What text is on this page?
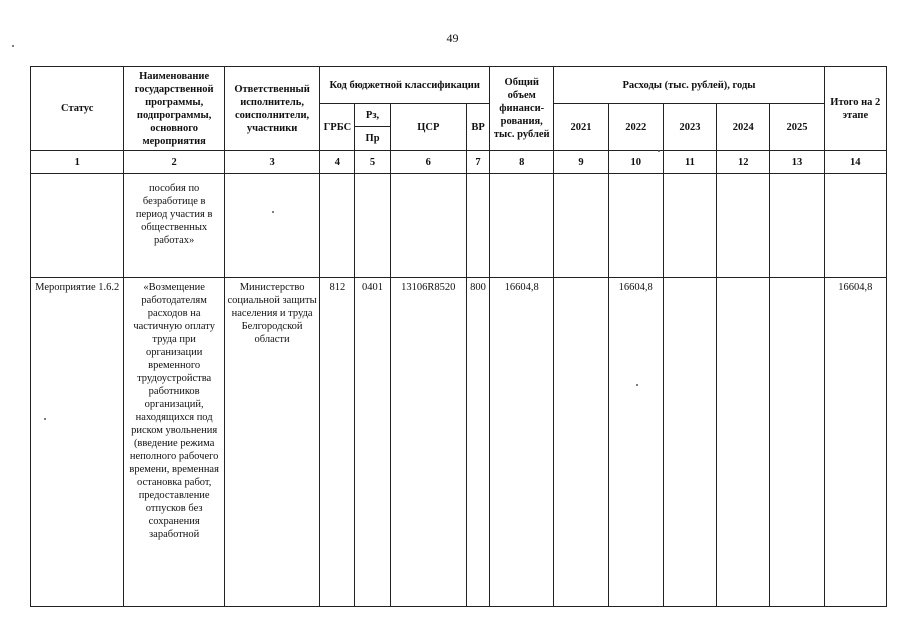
49
Статус	Наименование государственной программы, подпрограммы, основного мероприятия	Ответственный исполнитель, соисполнители, участники	Код бюджетной классификации				Общий объем финанси-рования, тыс. рублей	Расходы (тыс. рублей), годы					Итого на 2 этапе
			ГРБС	Рз,	ЦСР	ВР		2021	2022	2023	2024	2025	
				Пр									
1	2	3	4	5	6	7	8	9	10	11	12	13	14
	пособия по безработице в период участия в общественных работах»												
Мероприятие 1.6.2	«Возмещение работодателям расходов на частичную оплату труда при организации временного трудоустройства работников организаций, находящихся под риском увольнения (введение режима неполного рабочего времени, временная остановка работ, предоставление отпусков без сохранения заработной	Министерство социальной защиты населения и труда Белгородской области	812	0401	13106R8520	800	16604,8		16604,8				16604,8
